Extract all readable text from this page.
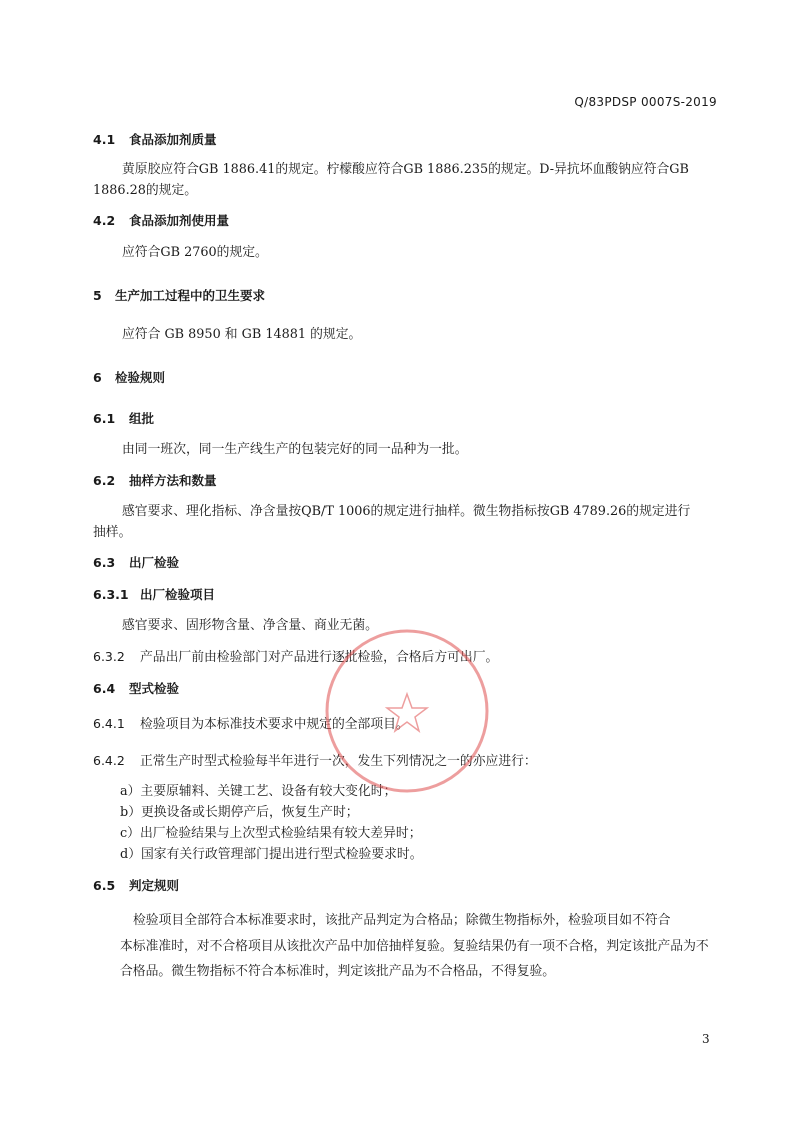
Q/83PDSP 0007S-2019
4.1 食品添加剂质量
黄原胶应符合GB 1886.41的规定。柠檬酸应符合GB 1886.235的规定。D-异抗坏血酸钠应符合GB
1886.28的规定。
4.2 食品添加剂使用量
应符合GB 2760的规定。
5 生产加工过程中的卫生要求
应符合 GB 8950 和 GB 14881 的规定。
6 检验规则
6.1 组批
由同一班次，同一生产线生产的包装完好的同一品种为一批。
6.2 抽样方法和数量
感官要求、理化指标、净含量按QB/T 1006的规定进行抽样。微生物指标按GB 4789.26的规定进行
抽样。
6.3 出厂检验
6.3.1 出厂检验项目
感官要求、固形物含量、净含量、商业无菌。
6.3.2 产品出厂前由检验部门对产品进行逐批检验，合格后方可出厂。
6.4 型式检验
6.4.1 检验项目为本标准技术要求中规定的全部项目。
6.4.2 正常生产时型式检验每半年进行一次，发生下列情况之一的亦应进行：
a）主要原辅料、关键工艺、设备有较大变化时；
b）更换设备或长期停产后，恢复生产时；
c）出厂检验结果与上次型式检验结果有较大差异时；
d）国家有关行政管理部门提出进行型式检验要求时。
6.5 判定规则
检验项目全部符合本标准要求时，该批产品判定为合格品；除微生物指标外，检验项目如不符合
本标准准时，对不合格项目从该批次产品中加倍抽样复验。复验结果仍有一项不合格，判定该批产品为不
合格品。微生物指标不符合本标准时，判定该批产品为不合格品，不得复验。
3
